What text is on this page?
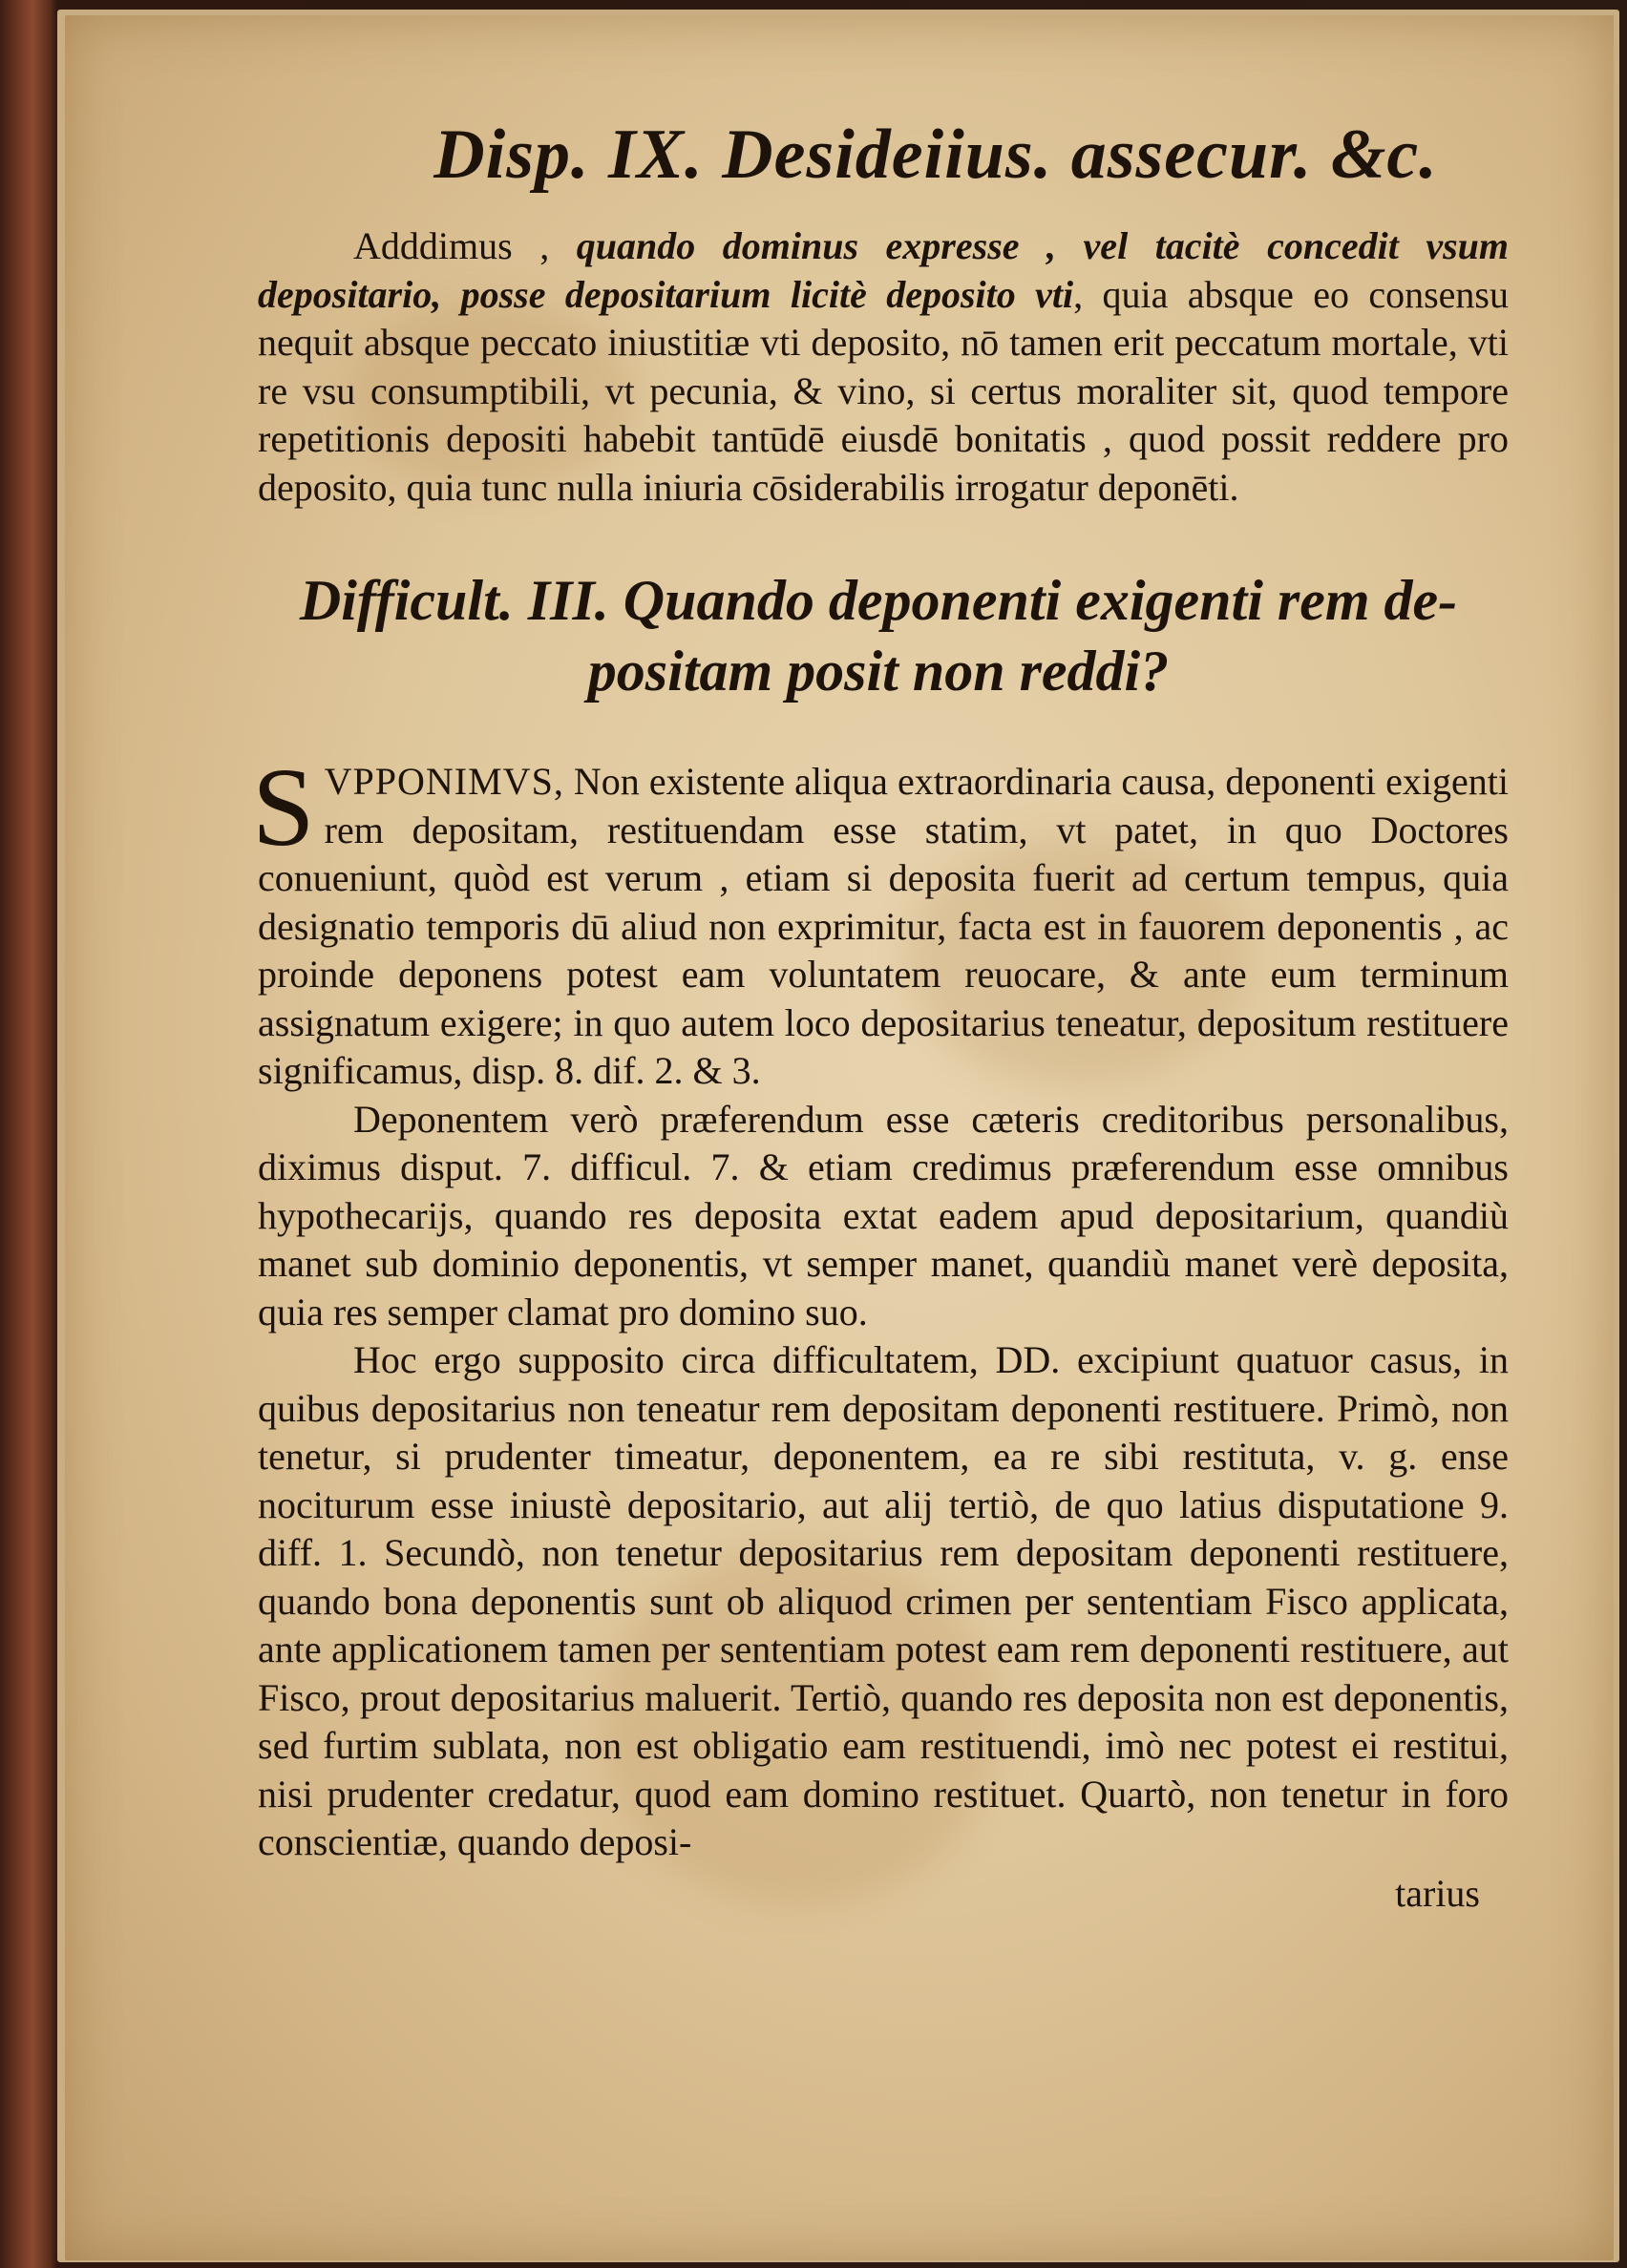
Disp. IX. Desideiius. assecur. &c.

Adddimus , quando dominus expresse , vel tacitè concedit vsum depositario, posse depositarium licitè deposito vti, quia absque eo consensu nequit absque peccato iniustitiæ vti deposito, nō tamen erit peccatum mortale, vti re vsu consumptibili, vt pecunia, & vino, si certus moraliter sit, quod tempore repetitionis depositi habebit tantūdē eiusdē bonitatis , quod possit reddere pro deposito, quia tunc nulla iniuria cōsiderabilis irrogatur deponēti.

Difficult. III. Quando deponenti exigenti rem de-
positam posit non reddi?

SVPPONIMVS, Non existente aliqua extraordinaria causa, deponenti exigenti rem depositam, restituendam esse statim, vt patet, in quo Doctores conueniunt, quòd est verum , etiam si deposita fuerit ad certum tempus, quia designatio temporis dū aliud non exprimitur, facta est in fauorem deponentis , ac proinde deponens potest eam voluntatem reuocare, & ante eum terminum assignatum exigere; in quo autem loco depositarius teneatur, depositum restituere significamus, disp. 8. dif. 2. & 3.

Deponentem verò præferendum esse cæteris creditoribus personalibus, diximus disput. 7. difficul. 7. & etiam credimus præferendum esse omnibus hypothecarijs, quando res deposita extat eadem apud depositarium, quandiù manet sub dominio deponentis, vt semper manet, quandiù manet verè deposita, quia res semper clamat pro domino suo.

Hoc ergo supposito circa difficultatem, DD. excipiunt quatuor casus, in quibus depositarius non teneatur rem depositam deponenti restituere. Primò, non tenetur, si prudenter timeatur, deponentem, ea re sibi restituta, v. g. ense nociturum esse iniustè depositario, aut alij tertiò, de quo latius disputatione 9. diff. 1. Secundò, non tenetur depositarius rem depositam deponenti restituere, quando bona deponentis sunt ob aliquod crimen per sententiam Fisco applicata, ante applicationem tamen per sententiam potest eam rem deponenti restituere, aut Fisco, prout depositarius maluerit. Tertiò, quando res deposita non est deponentis, sed furtim sublata, non est obligatio eam restituendi, imò nec potest ei restitui, nisi prudenter credatur, quod eam domino restituet. Quartò, non tenetur in foro conscientiæ, quando deposi-

tarius
